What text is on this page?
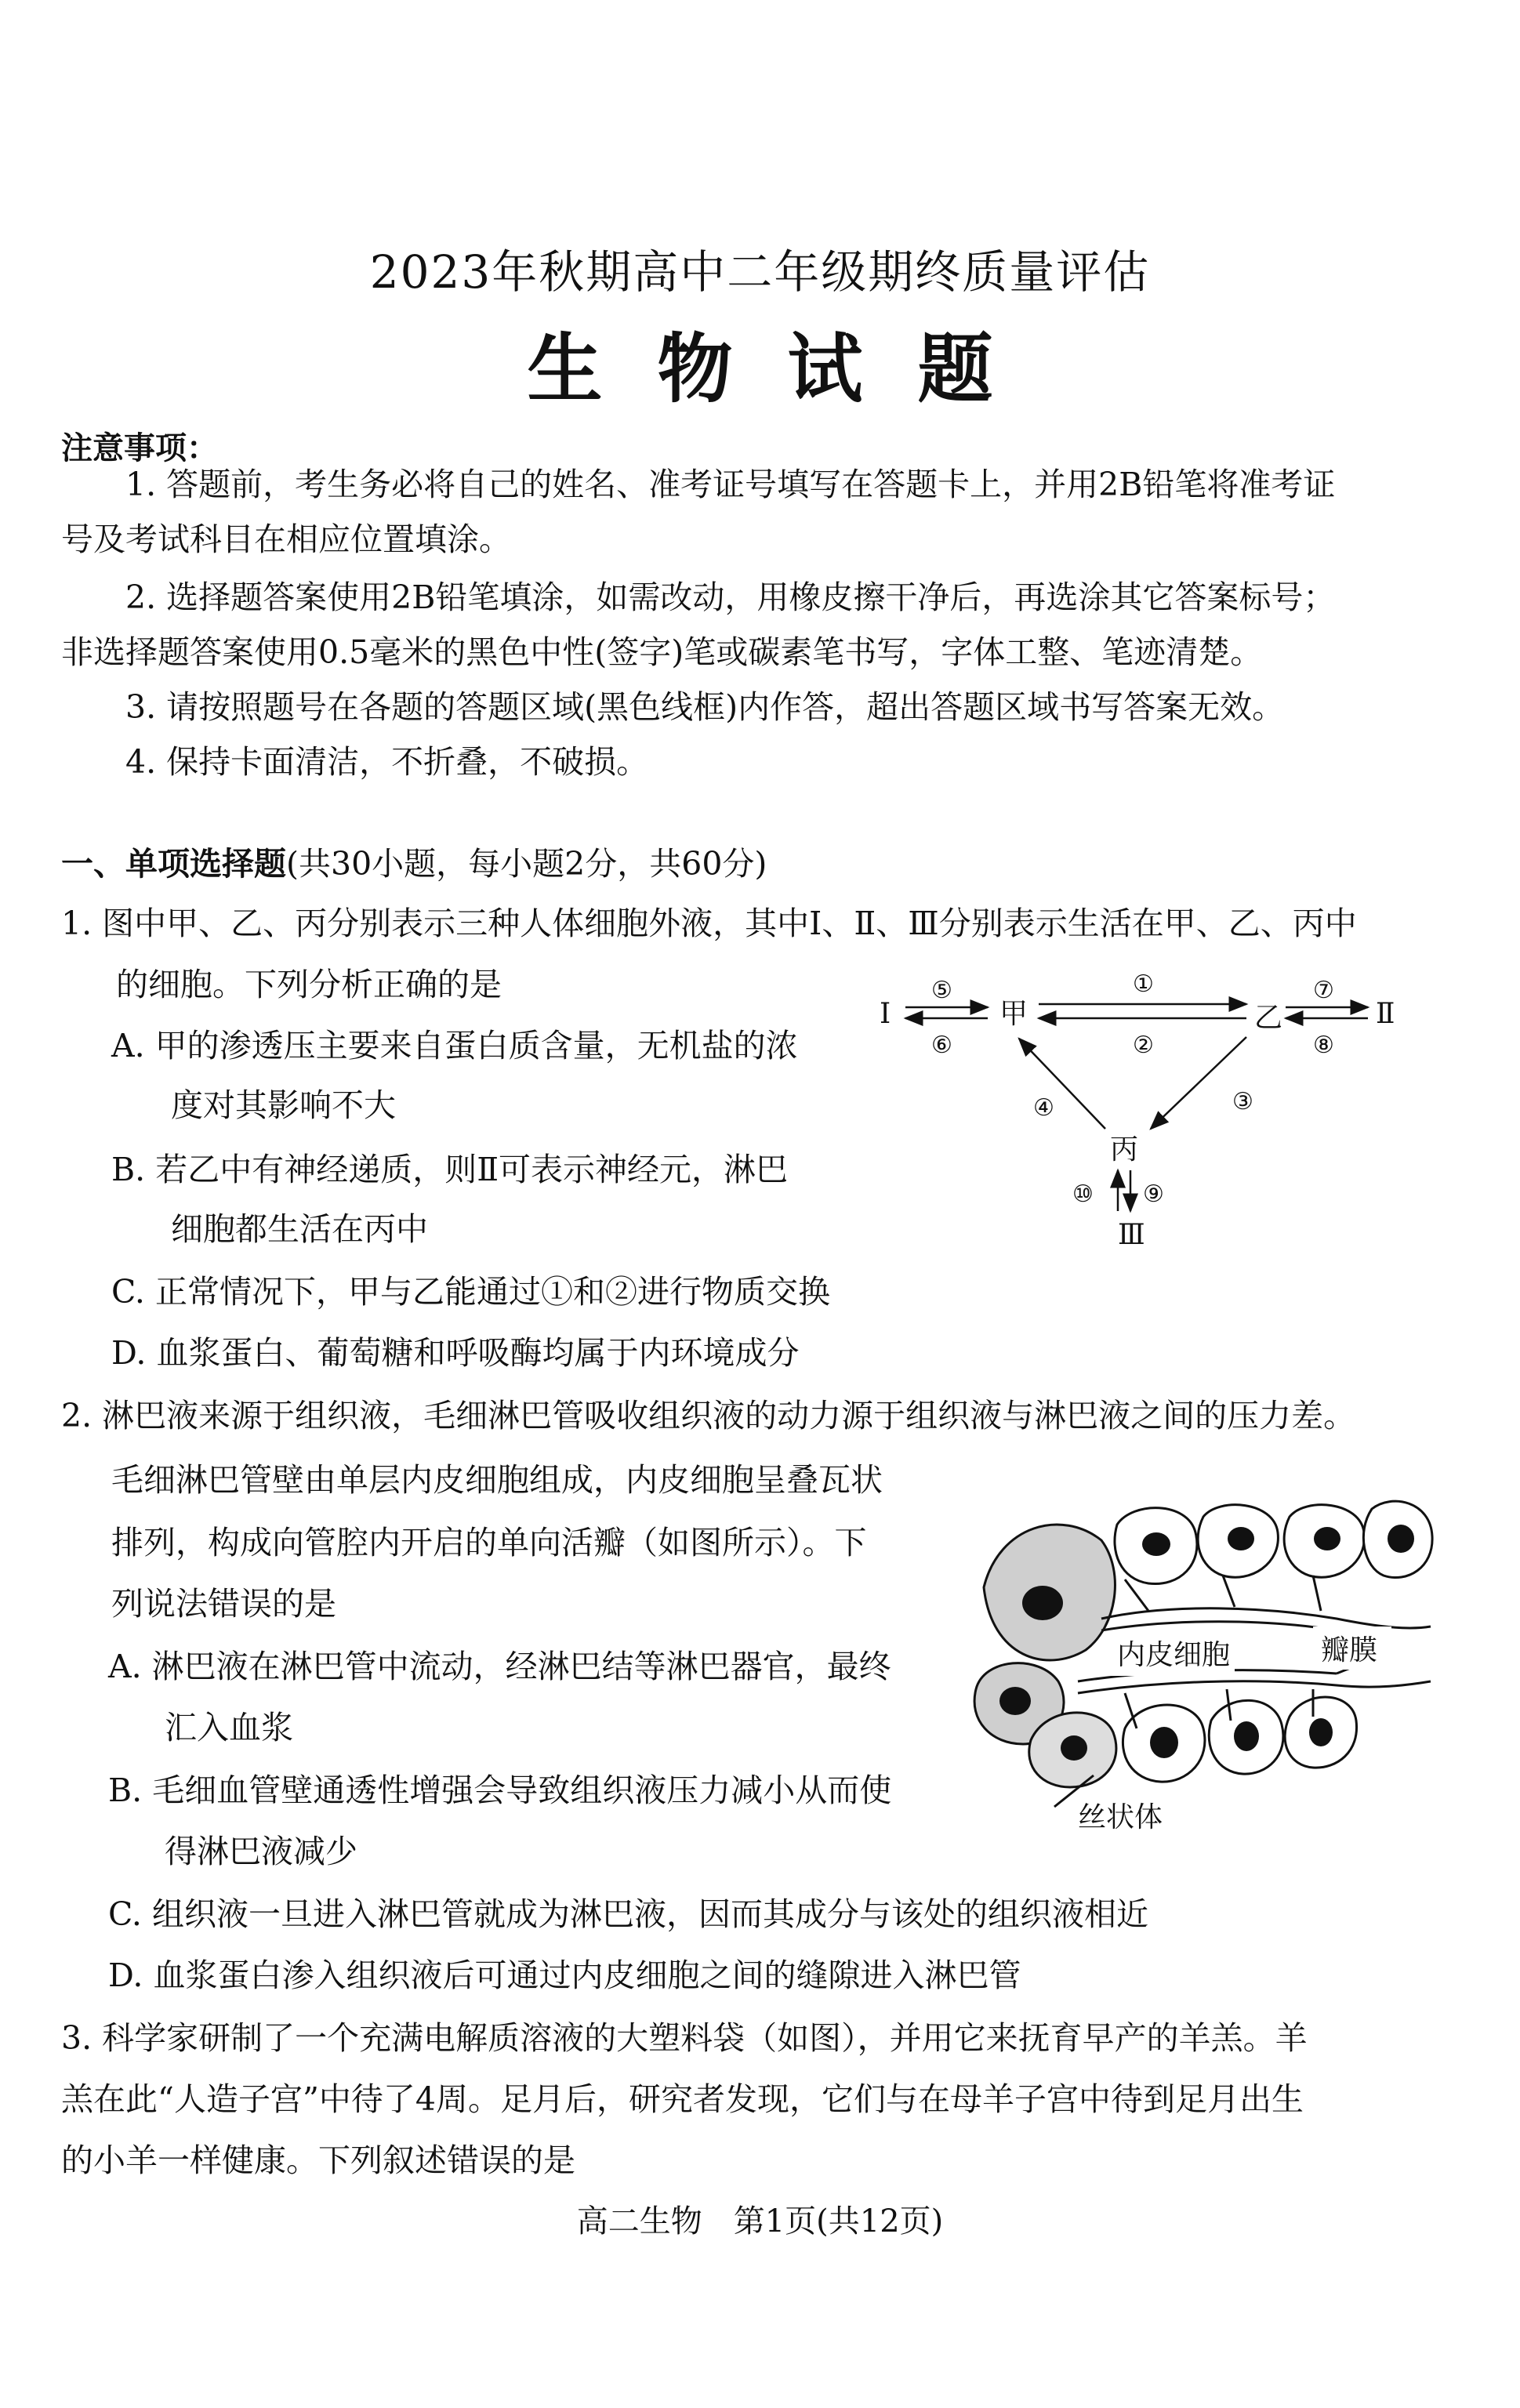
2023年秋期高中二年级期终质量评估
生物试题
注意事项：
1. 答题前，考生务必将自己的姓名、准考证号填写在答题卡上，并用2B铅笔将准考证
号及考试科目在相应位置填涂。
2. 选择题答案使用2B铅笔填涂，如需改动，用橡皮擦干净后，再选涂其它答案标号；
非选择题答案使用0.5毫米的黑色中性(签字)笔或碳素笔书写，字体工整、笔迹清楚。
3. 请按照题号在各题的答题区域(黑色线框)内作答，超出答题区域书写答案无效。
4. 保持卡面清洁，不折叠，不破损。
一、单项选择题(共30小题，每小题2分，共60分)
1. 图中甲、乙、丙分别表示三种人体细胞外液，其中Ⅰ、Ⅱ、Ⅲ分别表示生活在甲、乙、丙中
的细胞。下列分析正确的是
A. 甲的渗透压主要来自蛋白质含量，无机盐的浓
度对其影响不大
B. 若乙中有神经递质，则Ⅱ可表示神经元，淋巴
细胞都生活在丙中
C. 正常情况下，甲与乙能通过①和②进行物质交换
D. 血浆蛋白、葡萄糖和呼吸酶均属于内环境成分
Ⅰ	甲	乙	Ⅱ
丙
Ⅲ
⑤
⑥
①
②
⑦
⑧
③
④
⑩ ⑨
2. 淋巴液来源于组织液，毛细淋巴管吸收组织液的动力源于组织液与淋巴液之间的压力差。
毛细淋巴管壁由单层内皮细胞组成，内皮细胞呈叠瓦状
排列，构成向管腔内开启的单向活瓣（如图所示）。下
列说法错误的是
A. 淋巴液在淋巴管中流动，经淋巴结等淋巴器官，最终
汇入血浆
B. 毛细血管壁通透性增强会导致组织液压力减小从而使
得淋巴液减少
C. 组织液一旦进入淋巴管就成为淋巴液，因而其成分与该处的组织液相近
D. 血浆蛋白渗入组织液后可通过内皮细胞之间的缝隙进入淋巴管
内皮细胞	瓣膜
丝状体
3. 科学家研制了一个充满电解质溶液的大塑料袋（如图），并用它来抚育早产的羊羔。羊
羔在此“人造子宫”中待了4周。足月后，研究者发现，它们与在母羊子宫中待到足月出生
的小羊一样健康。下列叙述错误的是
高二生物　第1页(共12页)
